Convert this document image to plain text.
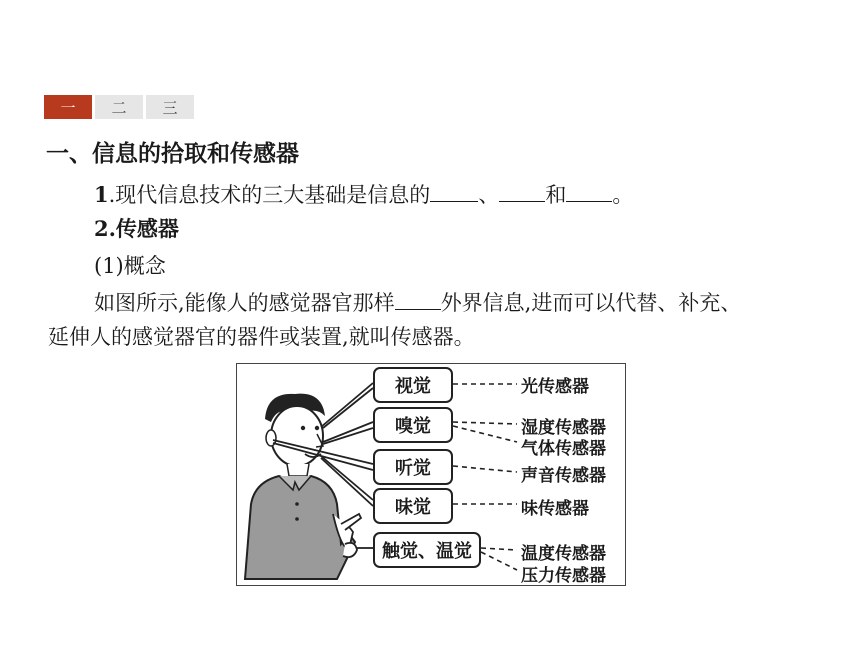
一	二	三
一、信息的拾取和传感器
1.现代信息技术的三大基础是信息的 、 和 。
2.传感器
(1)概念
如图所示,能像人的感觉器官那样 外界信息,进而可以代替、补充、
延伸人的感觉器官的器件或装置,就叫传感器。
视觉
嗅觉
听觉
味觉
触觉、温觉
光传感器
湿度传感器
气体传感器
声音传感器
味传感器
温度传感器
压力传感器
